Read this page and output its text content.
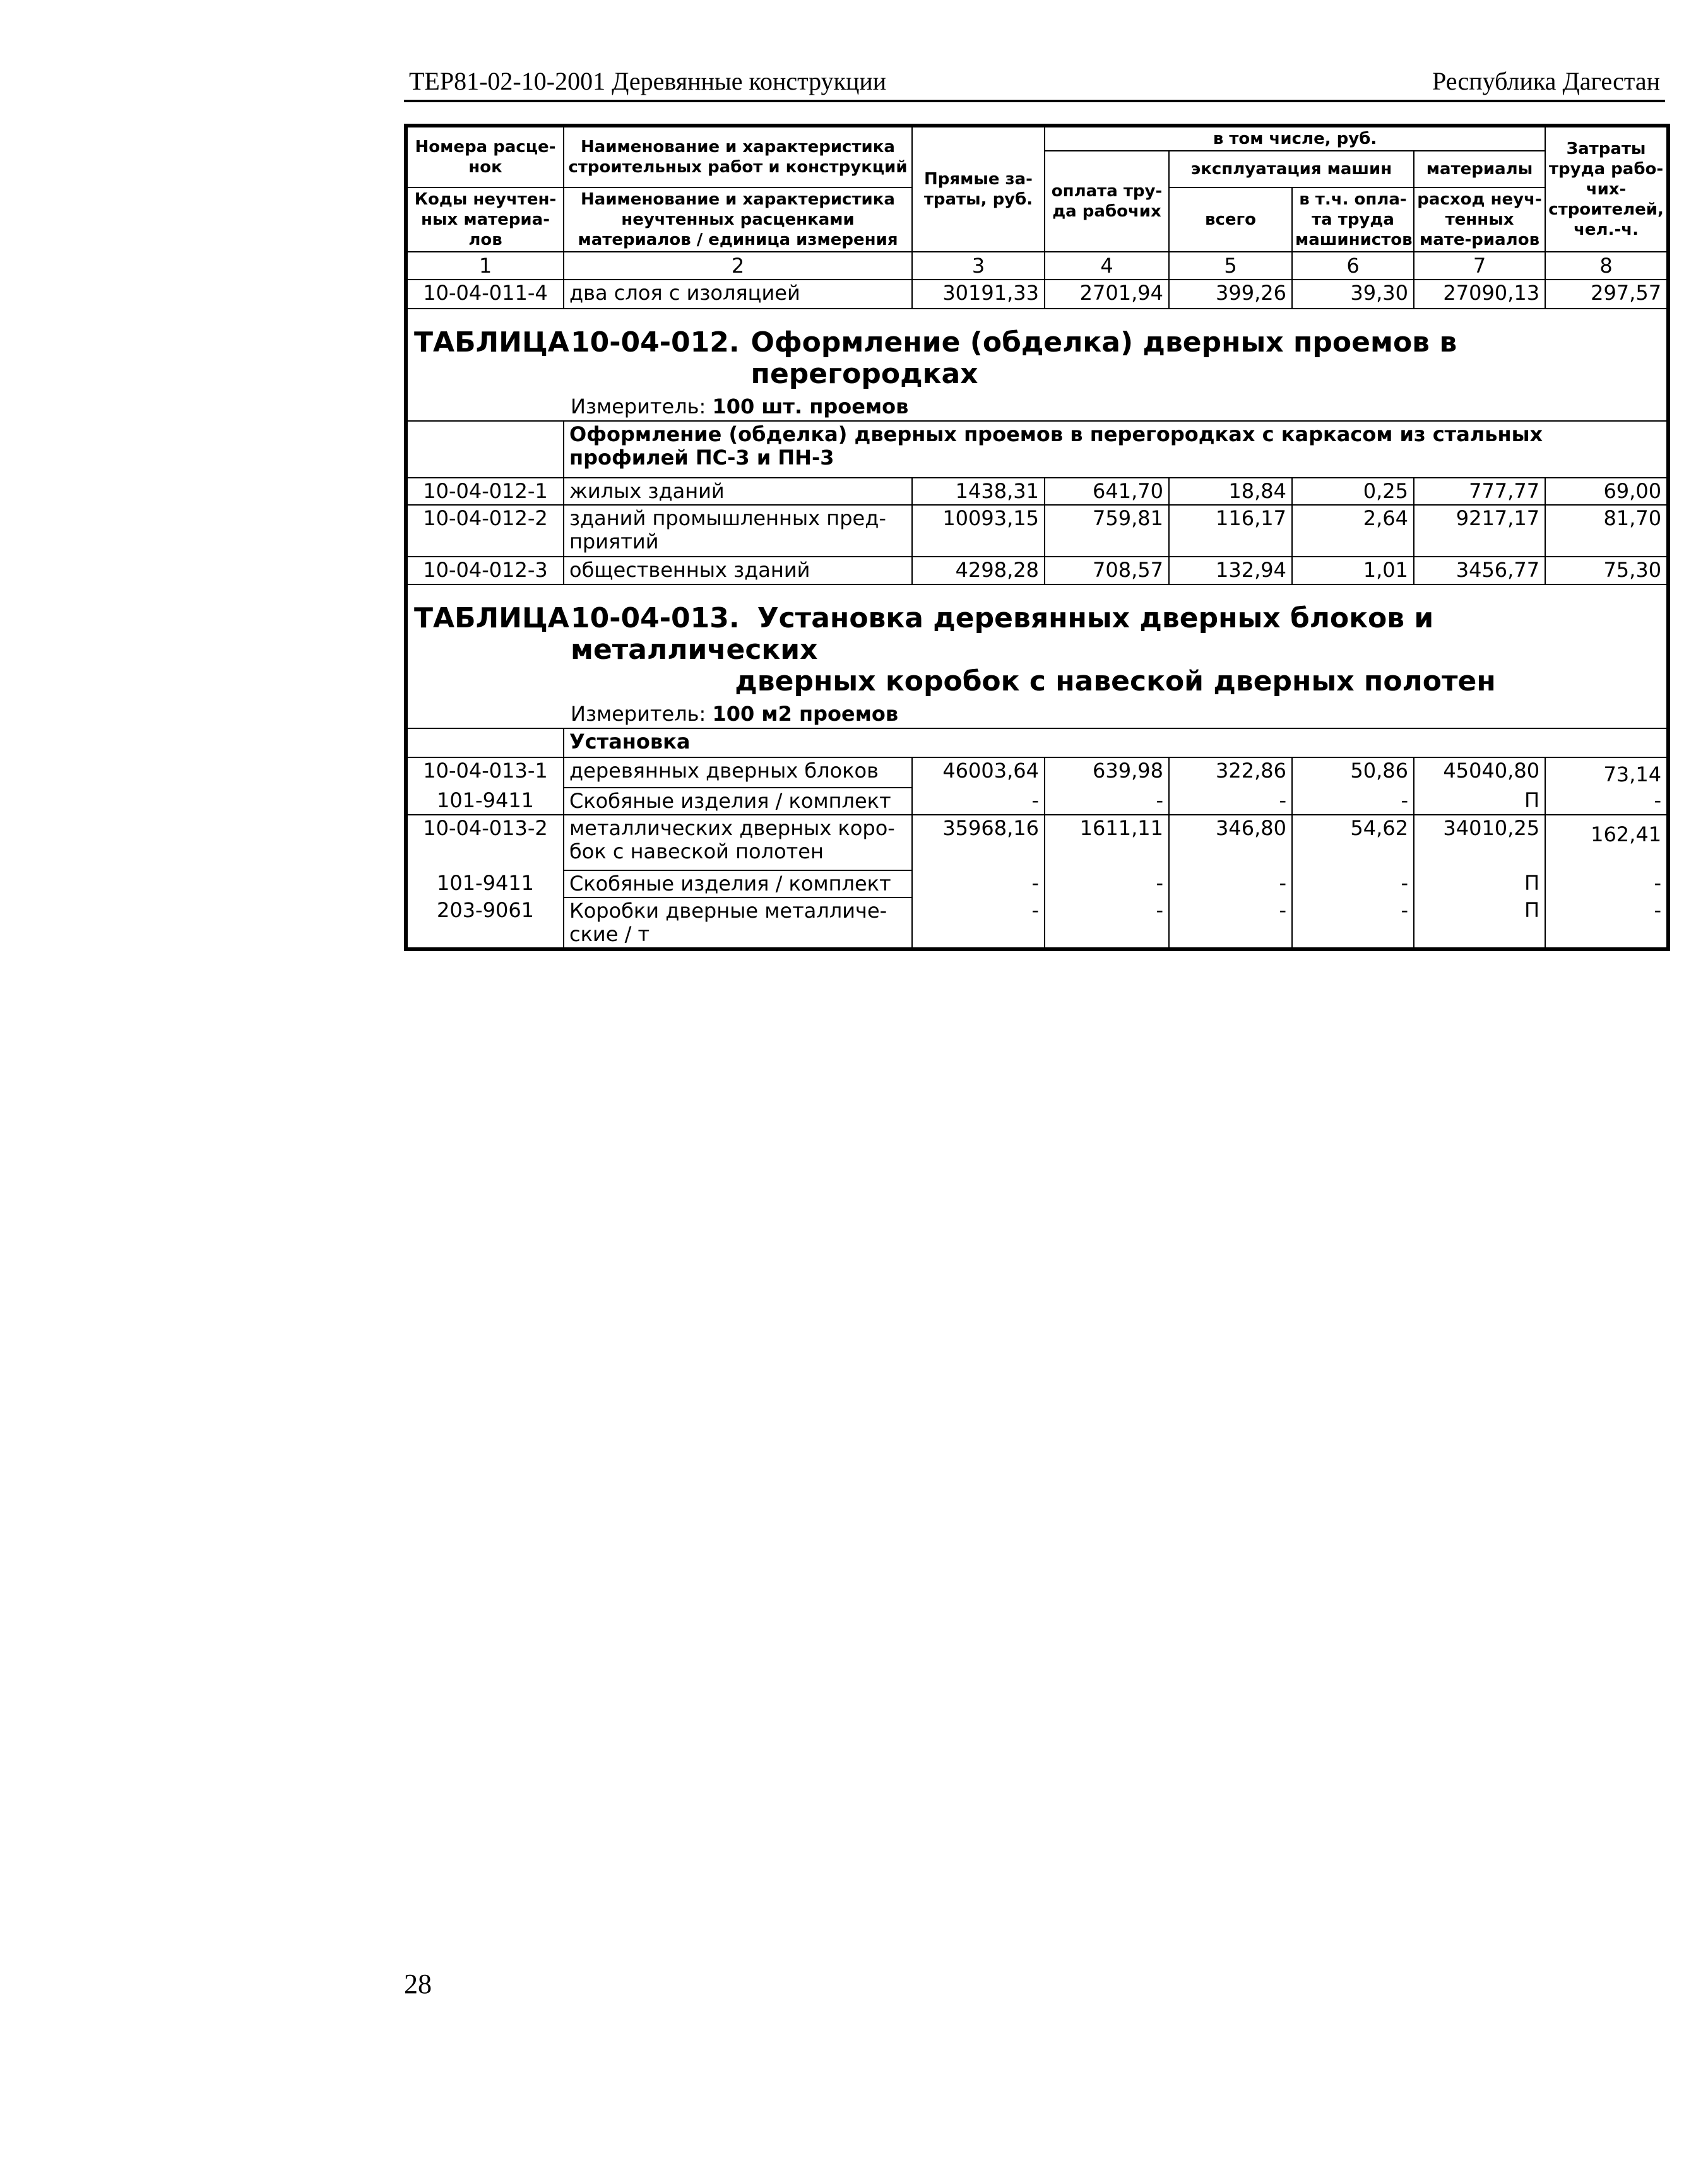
ТЕР81-02-10-2001 Деревянные конструкции	Республика Дагестан
Номера расце-нок	Наименование и характеристика строительных работ и конструкций	Прямые за-траты, руб.	в том числе, руб.				Затраты труда рабо-чих-строителей, чел.-ч.
			оплата тру-да рабочих	эксплуатация машин		материалы	
Коды неучтен-ных материа-лов	Наименование и характеристика неучтенных расценками материалов / единица измерения			всего	в т.ч. опла-та труда машинистов	расход неуч-тенных мате-риалов	

1	2	3	4	5	6	7	8
10-04-011-4	два слоя с изоляцией	30191,33	2701,94	399,26	39,30	27090,13	297,57

ТАБЛИЦА 10-04-012. Оформление (обделка) дверных проемов в перегородках
Измеритель: 100 шт. проемов							

	Оформление (обделка) дверных проемов в перегородках с каркасом из стальных профилей ПС-3 и ПН-3						
10-04-012-1	жилых зданий	1438,31	641,70	18,84	0,25	777,77	69,00
10-04-012-2	зданий промышленных пред-приятий	10093,15	759,81	116,17	2,64	9217,17	81,70
10-04-012-3	общественных зданий	4298,28	708,57	132,94	1,01	3456,77	75,30

ТАБЛИЦА 10-04-013. Установка деревянных дверных блоков и металлических
дверных коробок с навеской дверных полотен
Измеритель: 100 м2 проемов							

	Установка						
10-04-013-1	деревянных дверных блоков	46003,64	639,98	322,86	50,86	45040,80	73,14
101-9411	Скобяные изделия / комплект	-	-	-	-	П	-
10-04-013-2	металлических дверных коро-бок с навеской полотен	35968,16	1611,11	346,80	54,62	34010,25	162,41
101-9411	Скобяные изделия / комплект	-	-	-	-	П	-
203-9061	Коробки дверные металличе-ские / т	-	-	-	-	П	-
28
